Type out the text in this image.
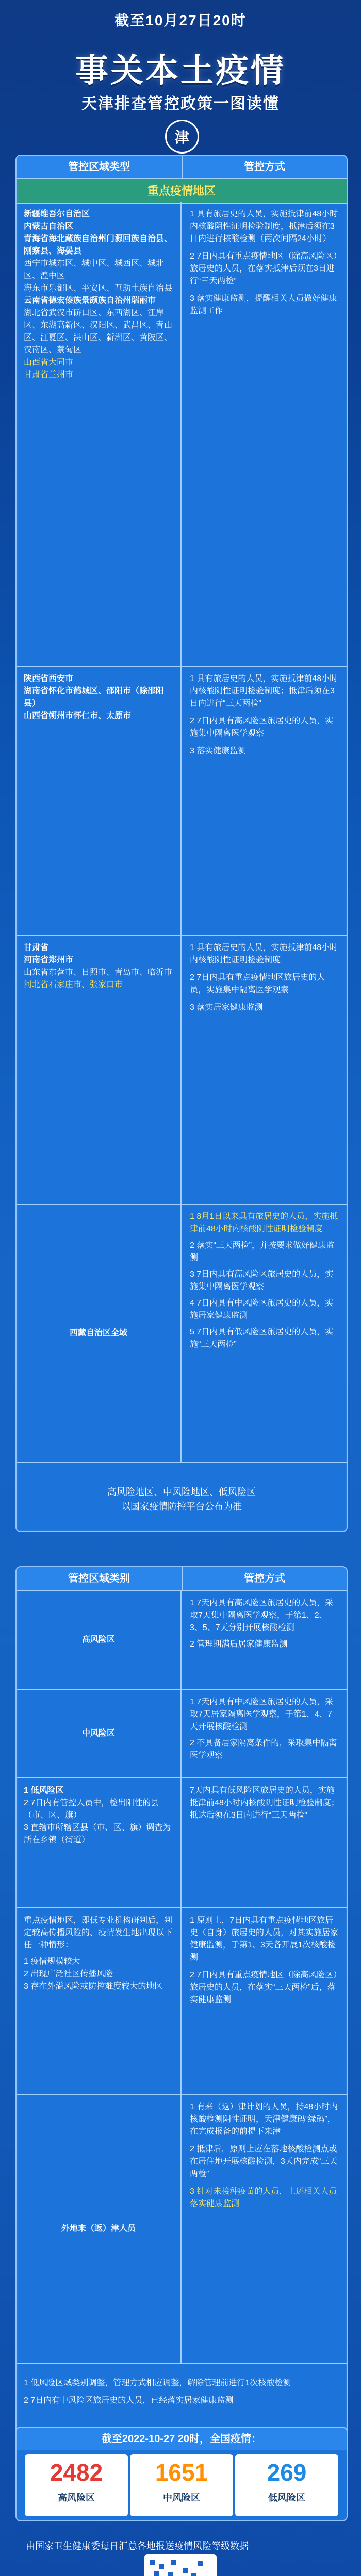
截至10月27日20时
事关本土疫情
天津排查管控政策一图读懂
津
管控区域类型	管控方式
重点疫情地区
新疆维吾尔自治区
内蒙古自治区
青海省海北藏族自治州门源回族自治县、刚察县、海晏县
西宁市城东区、城中区、城西区、城北区、湟中区
海东市乐都区、平安区、互助土族自治县
云南省德宏傣族景颇族自治州瑞丽市
湖北省武汉市硚口区、东西湖区、江岸区、东湖高新区、汉阳区、武昌区、青山区、江夏区、洪山区、新洲区、黄陂区、汉南区、蔡甸区
山西省大同市
甘肃省兰州市
1 具有旅居史的人员，实施抵津前48小时内核酸阴性证明检验制度，抵津后须在3日内进行核酸检测（两次间隔24小时）
2 7日内具有重点疫情地区（除高风险区）旅居史的人员，在落实抵津后须在3日进行“三天两检”
3 落实健康监测，提醒相关人员做好健康监测工作
陕西省西安市
湖南省怀化市鹤城区、邵阳市（除邵阳县）
山西省朔州市怀仁市、太原市
1 具有旅居史的人员，实施抵津前48小时内核酸阴性证明检验制度；抵津后须在3日内进行“三天两检”
2 7日内具有高风险区旅居史的人员，实施集中隔离医学观察
3 落实健康监测
甘肃省
河南省郑州市
山东省东营市、日照市、青岛市、临沂市
河北省石家庄市、张家口市
1 具有旅居史的人员，实施抵津前48小时内核酸阴性证明检验制度
2 7日内具有重点疫情地区旅居史的人员，实施集中隔离医学观察
3 落实居家健康监测
西藏自治区全域
1 8月1日以来具有旅居史的人员，实施抵津前48小时内核酸阴性证明检验制度
2 落实“三天两检”，并按要求做好健康监测
3 7日内具有高风险区旅居史的人员，实施集中隔离医学观察
4 7日内具有中风险区旅居史的人员，实施居家健康监测
5 7日内具有低风险区旅居史的人员，实施“三天两检”
高风险地区、中风险地区、低风险区
以国家疫情防控平台公布为准
管控区域类别	管控方式
高风险区
1 7天内具有高风险区旅居史的人员，采取7天集中隔离医学观察，于第1、2、3、5、7天分别开展核酸检测
2 管理期满后居家健康监测
中风险区
1 7天内具有中风险区旅居史的人员，采取7天居家隔离医学观察，于第1、4、7天开展核酸检测
2 不具备居家隔离条件的，采取集中隔离医学观察
1 低风险区
2 7日内有管控人员中，检出阳性的县（市、区、旗）
3 直辖市所辖区县（市、区、旗）调查为所在乡镇（街道）
7天内具有低风险区旅居史的人员，实施抵津前48小时内核酸阴性证明检验制度；抵达后须在3日内进行“三天两检”
重点疫情地区，即低专业机构研判后，判定较高传播风险的、疫情发生地出现以下任一种情形：
1 疫情规模较大
2 出现广泛社区传播风险
3 存在外溢风险或防控难度较大的地区
1 原则上，7日内具有重点疫情地区旅居史（自身）旅居史的人员，对其实施居家健康监测，于第1、3天各开展1次核酸检测
2 7日内具有重点疫情地区（除高风险区）旅居史的人员，在落实“三天两检”后，落实健康监测
外地来（返）津人员
1 有来（返）津计划的人员，持48小时内核酸检测阴性证明，天津健康码“绿码”，在完成报备的前提下来津
2 抵津后，原则上应在落地核酸检测点或在居住地开展核酸检测，3天内完成“三天两检”
3 针对未接种疫苗的人员，上述相关人员落实健康监测
1 低风险区域类别调整，管理方式相应调整，解除管理前进行1次核酸检测
2 7日内有中风险区旅居史的人员，已经落实居家健康监测
截至2022-10-27 20时，全国疫情：
2482
高风险区
1651
中风险区
269
低风险区
由国家卫生健康委每日汇总各地报送疫情风险等级数据
